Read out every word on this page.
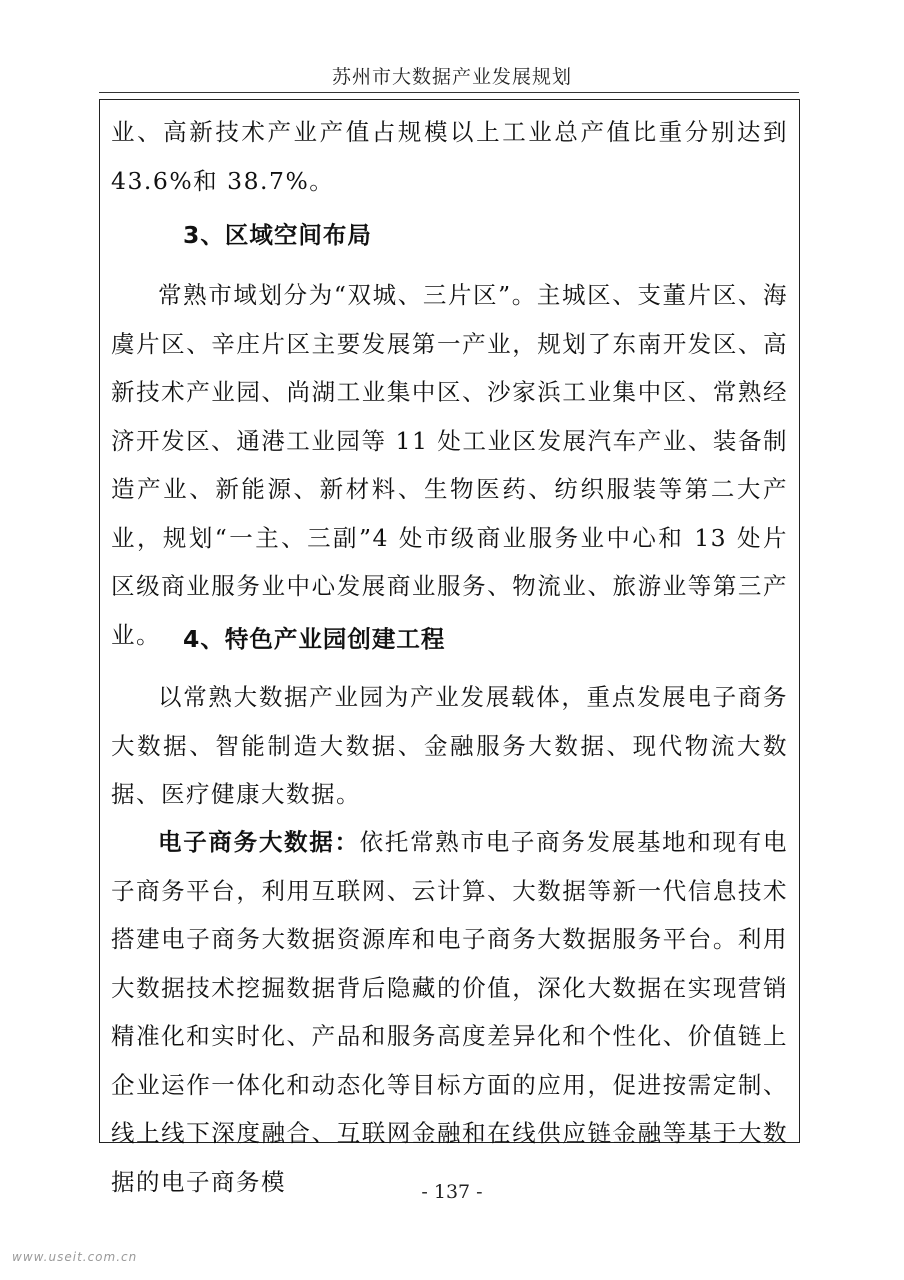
苏州市大数据产业发展规划
业、高新技术产业产值占规模以上工业总产值比重分别达到 43.6%和 38.7%。
3、区域空间布局
常熟市域划分为“双城、三片区”。主城区、支董片区、海虞片区、辛庄片区主要发展第一产业，规划了东南开发区、高新技术产业园、尚湖工业集中区、沙家浜工业集中区、常熟经济开发区、通港工业园等 11 处工业区发展汽车产业、装备制造产业、新能源、新材料、生物医药、纺织服装等第二大产业，规划“一主、三副”4 处市级商业服务业中心和 13 处片区级商业服务业中心发展商业服务、物流业、旅游业等第三产业。 4、特色产业园创建工程
以常熟大数据产业园为产业发展载体，重点发展电子商务大数据、智能制造大数据、金融服务大数据、现代物流大数据、医疗健康大数据。
电子商务大数据：依托常熟市电子商务发展基地和现有电子商务平台，利用互联网、云计算、大数据等新一代信息技术搭建电子商务大数据资源库和电子商务大数据服务平台。利用大数据技术挖掘数据背后隐藏的价值，深化大数据在实现营销精准化和实时化、产品和服务高度差异化和个性化、价值链上企业运作一体化和动态化等目标方面的应用，促进按需定制、线上线下深度融合、互联网金融和在线供应链金融等基于大数据的电子商务模	- 137 -
www.useit.com.cn
